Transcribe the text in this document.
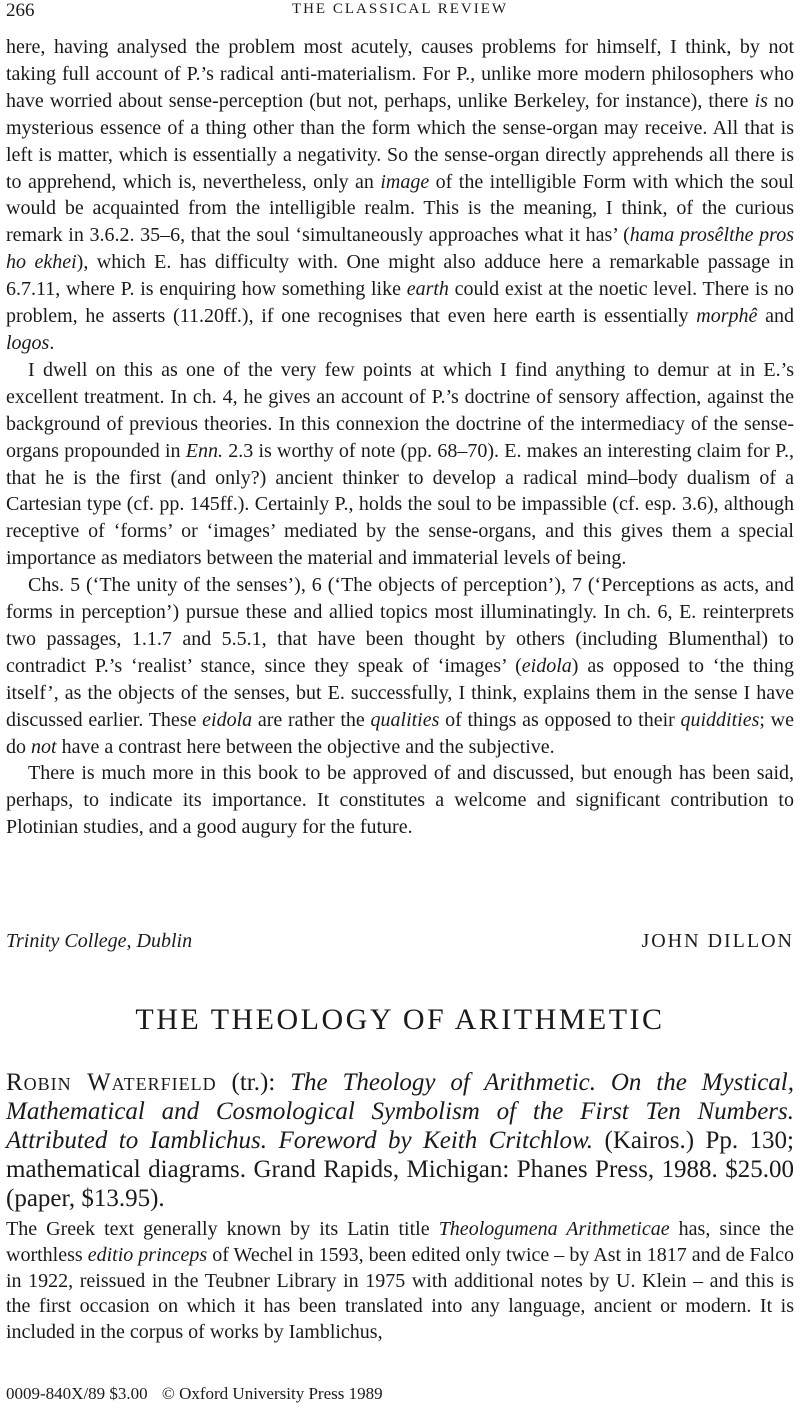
266	THE CLASSICAL REVIEW

here, having analysed the problem most acutely, causes problems for himself, I think, by not taking full account of P.’s radical anti-materialism. For P., unlike more modern philosophers who have worried about sense-perception (but not, perhaps, unlike Berkeley, for instance), there is no mysterious essence of a thing other than the form which the sense-organ may receive. All that is left is matter, which is essentially a negativity. So the sense-organ directly apprehends all there is to apprehend, which is, nevertheless, only an image of the intelligible Form with which the soul would be acquainted from the intelligible realm. This is the meaning, I think, of the curious remark in 3.6.2. 35–6, that the soul ‘simultaneously approaches what it has’ (hama prosêlthe pros ho ekhei), which E. has difficulty with. One might also adduce here a remarkable passage in 6.7.11, where P. is enquiring how something like earth could exist at the noetic level. There is no problem, he asserts (11.20ff.), if one recognises that even here earth is essentially morphê and logos.

I dwell on this as one of the very few points at which I find anything to demur at in E.’s excellent treatment. In ch. 4, he gives an account of P.’s doctrine of sensory affection, against the background of previous theories. In this connexion the doctrine of the intermediacy of the sense-organs propounded in Enn. 2.3 is worthy of note (pp. 68–70). E. makes an interesting claim for P., that he is the first (and only?) ancient thinker to develop a radical mind–body dualism of a Cartesian type (cf. pp. 145ff.). Certainly P., holds the soul to be impassible (cf. esp. 3.6), although receptive of ‘forms’ or ‘images’ mediated by the sense-organs, and this gives them a special importance as mediators between the material and immaterial levels of being.

Chs. 5 (‘The unity of the senses’), 6 (‘The objects of perception’), 7 (‘Perceptions as acts, and forms in perception’) pursue these and allied topics most illuminatingly. In ch. 6, E. reinterprets two passages, 1.1.7 and 5.5.1, that have been thought by others (including Blumenthal) to contradict P.’s ‘realist’ stance, since they speak of ‘images’ (eidola) as opposed to ‘the thing itself’, as the objects of the senses, but E. successfully, I think, explains them in the sense I have discussed earlier. These eidola are rather the qualities of things as opposed to their quiddities; we do not have a contrast here between the objective and the subjective.

There is much more in this book to be approved of and discussed, but enough has been said, perhaps, to indicate its importance. It constitutes a welcome and significant contribution to Plotinian studies, and a good augury for the future.

Trinity College, Dublin	JOHN DILLON
THE THEOLOGY OF ARITHMETIC
Robin Waterfield (tr.): The Theology of Arithmetic. On the Mystical, Mathematical and Cosmological Symbolism of the First Ten Numbers. Attributed to Iamblichus. Foreword by Keith Critchlow. (Kairos.) Pp. 130; mathematical diagrams. Grand Rapids, Michigan: Phanes Press, 1988. $25.00 (paper, $13.95).

The Greek text generally known by its Latin title Theologumena Arithmeticae has, since the worthless editio princeps of Wechel in 1593, been edited only twice – by Ast in 1817 and de Falco in 1922, reissued in the Teubner Library in 1975 with additional notes by U. Klein – and this is the first occasion on which it has been translated into any language, ancient or modern. It is included in the corpus of works by Iamblichus,

0009-840X/89 $3.00 © Oxford University Press 1989
